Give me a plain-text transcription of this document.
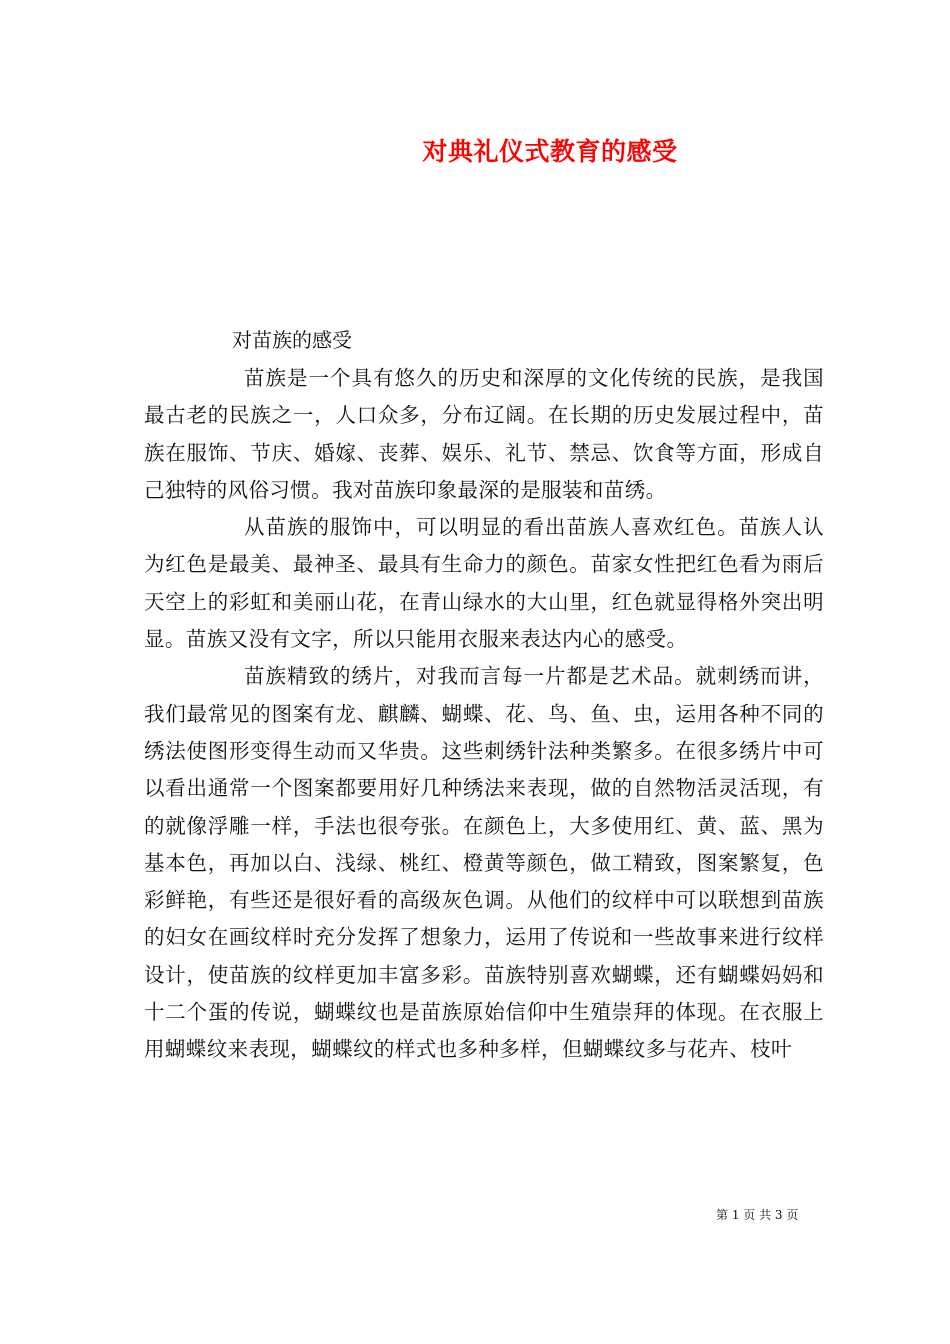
对典礼仪式教育的感受
对苗族的感受

苗族是一个具有悠久的历史和深厚的文化传统的民族，是我国最古老的民族之一，人口众多，分布辽阔。在长期的历史发展过程中，苗族在服饰、节庆、婚嫁、丧葬、娱乐、礼节、禁忌、饮食等方面，形成自己独特的风俗习惯。我对苗族印象最深的是服装和苗绣。

从苗族的服饰中，可以明显的看出苗族人喜欢红色。苗族人认为红色是最美、最神圣、最具有生命力的颜色。苗家女性把红色看为雨后天空上的彩虹和美丽山花，在青山绿水的大山里，红色就显得格外突出明显。苗族又没有文字，所以只能用衣服来表达内心的感受。

苗族精致的绣片，对我而言每一片都是艺术品。就刺绣而讲，我们最常见的图案有龙、麒麟、蝴蝶、花、鸟、鱼、虫，运用各种不同的绣法使图形变得生动而又华贵。这些刺绣针法种类繁多。在很多绣片中可以看出通常一个图案都要用好几种绣法来表现，做的自然物活灵活现，有的就像浮雕一样，手法也很夸张。在颜色上，大多使用红、黄、蓝、黑为基本色，再加以白、浅绿、桃红、橙黄等颜色，做工精致，图案繁复，色彩鲜艳，有些还是很好看的高级灰色调。从他们的纹样中可以联想到苗族的妇女在画纹样时充分发挥了想象力，运用了传说和一些故事来进行纹样设计，使苗族的纹样更加丰富多彩。苗族特别喜欢蝴蝶，还有蝴蝶妈妈和十二个蛋的传说，蝴蝶纹也是苗族原始信仰中生殖崇拜的体现。在衣服上用蝴蝶纹来表现，蝴蝶纹的样式也多种多样，但蝴蝶纹多与花卉、枝叶

第 1 页 共 3 页
